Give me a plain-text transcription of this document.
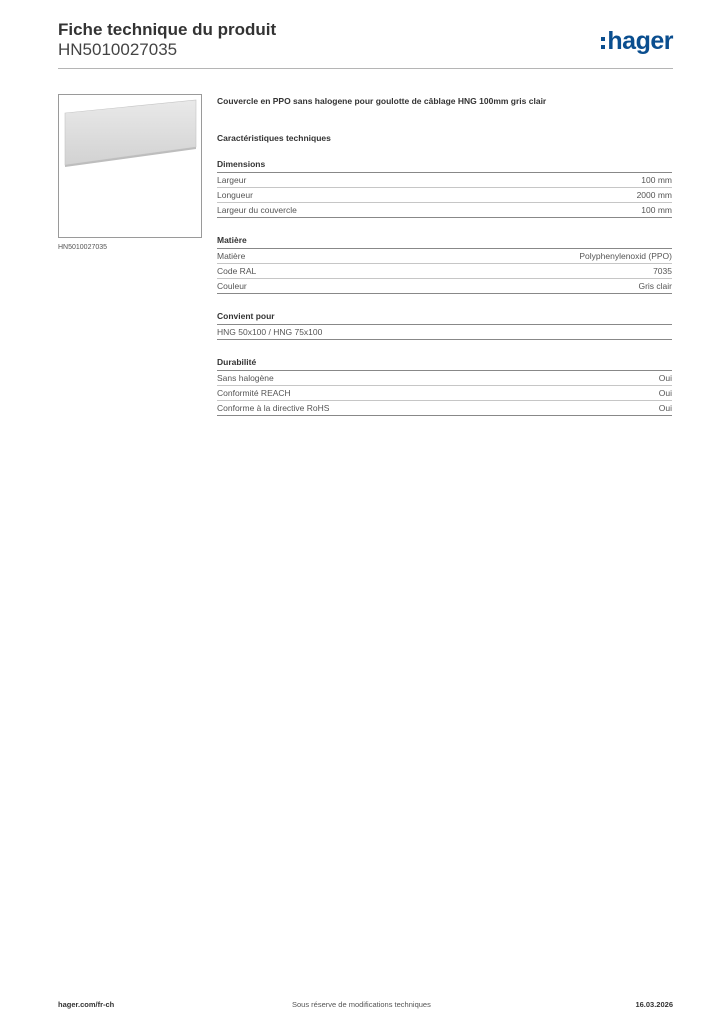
Fiche technique du produit
HN5010027035	hager
HN5010027035
Couvercle en PPO sans halogene pour goulotte de câblage HNG 100mm gris clair
Caractéristiques techniques
Dimensions
Largeur	100 mm
Longueur	2000 mm
Largeur du couvercle	100 mm
Matière
Matière	Polyphenylenoxid (PPO)
Code RAL	7035
Couleur	Gris clair
Convient pour
HNG 50x100 / HNG 75x100
Durabilité
Sans halogène	Oui
Conformité REACH	Oui
Conforme à la directive RoHS	Oui
hager.com/fr-ch	Sous réserve de modifications techniques	16.03.2026
